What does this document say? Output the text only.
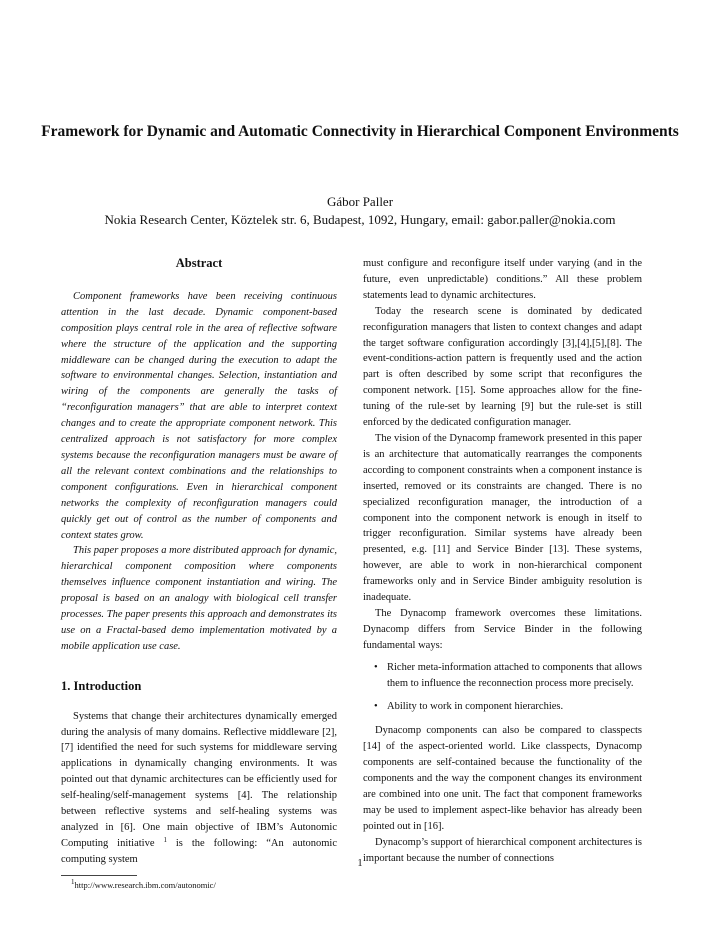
Framework for Dynamic and Automatic Connectivity in Hierarchical Component Environments
Gábor Paller
Nokia Research Center, Köztelek str. 6, Budapest, 1092, Hungary, email: gabor.paller@nokia.com
Abstract

Component frameworks have been receiving continuous attention in the last decade. Dynamic component-based composition plays central role in the area of reflective software where the structure of the application and the supporting middleware can be changed during the execution to adapt the software to environmental changes. Selection, instantiation and wiring of the components are generally the tasks of “reconfiguration managers” that are able to interpret context changes and to create the appropriate component network. This centralized approach is not satisfactory for more complex systems because the reconfiguration managers must be aware of all the relevant context combinations and the relationships to component configurations. Even in hierarchical component networks the complexity of reconfiguration managers could quickly get out of control as the number of components and context states grow.

This paper proposes a more distributed approach for dynamic, hierarchical component composition where components themselves influence component instantiation and wiring. The proposal is based on an analogy with biological cell transfer processes. The paper presents this approach and demonstrates its use on a Fractal-based demo implementation motivated by a mobile application use case.

1. Introduction

Systems that change their architectures dynamically emerged during the analysis of many domains. Reflective middleware [2],[7] identified the need for such systems for middleware serving applications in dynamically changing environments. It was pointed out that dynamic architectures can be efficiently used for self-healing/self-management systems [4]. The relationship between reflective systems and self-healing systems was analyzed in [6]. One main objective of IBM’s Autonomic Computing initiative $^1$ is the following: “An autonomic computing system

$^1$http://www.research.ibm.com/autonomic/

must configure and reconfigure itself under varying (and in the future, even unpredictable) conditions.” All these problem statements lead to dynamic architectures.

Today the research scene is dominated by dedicated reconfiguration managers that listen to context changes and adapt the target software configuration accordingly [3],[4],[5],[8]. The event-conditions-action pattern is frequently used and the action part is often described by some script that reconfigures the component network. [15]. Some approaches allow for the fine-tuning of the rule-set by learning [9] but the rule-set is still enforced by the dedicated configuration manager.

The vision of the Dynacomp framework presented in this paper is an architecture that automatically rearranges the components according to component constraints when a component instance is inserted, removed or its constraints are changed. There is no specialized reconfiguration manager, the introduction of a component into the component network is enough in itself to trigger reconfiguration. Similar systems have already been presented, e.g. [11] and Service Binder [13]. These systems, however, are able to work in non-hierarchical component frameworks only and in Service Binder ambiguity resolution is inadequate.

The Dynacomp framework overcomes these limitations. Dynacomp differs from Service Binder in the following fundamental ways:

• Richer meta-information attached to components that allows them to influence the reconnection process more precisely.
• Ability to work in component hierarchies.

Dynacomp components can also be compared to classpects [14] of the aspect-oriented world. Like classpects, Dynacomp components are self-contained because the functionality of the components and the way the component changes its environment are combined into one unit. The fact that component frameworks may be used to implement aspect-like behavior has already been pointed out in [16].

Dynacomp’s support of hierarchical component architectures is important because the number of connections

1
